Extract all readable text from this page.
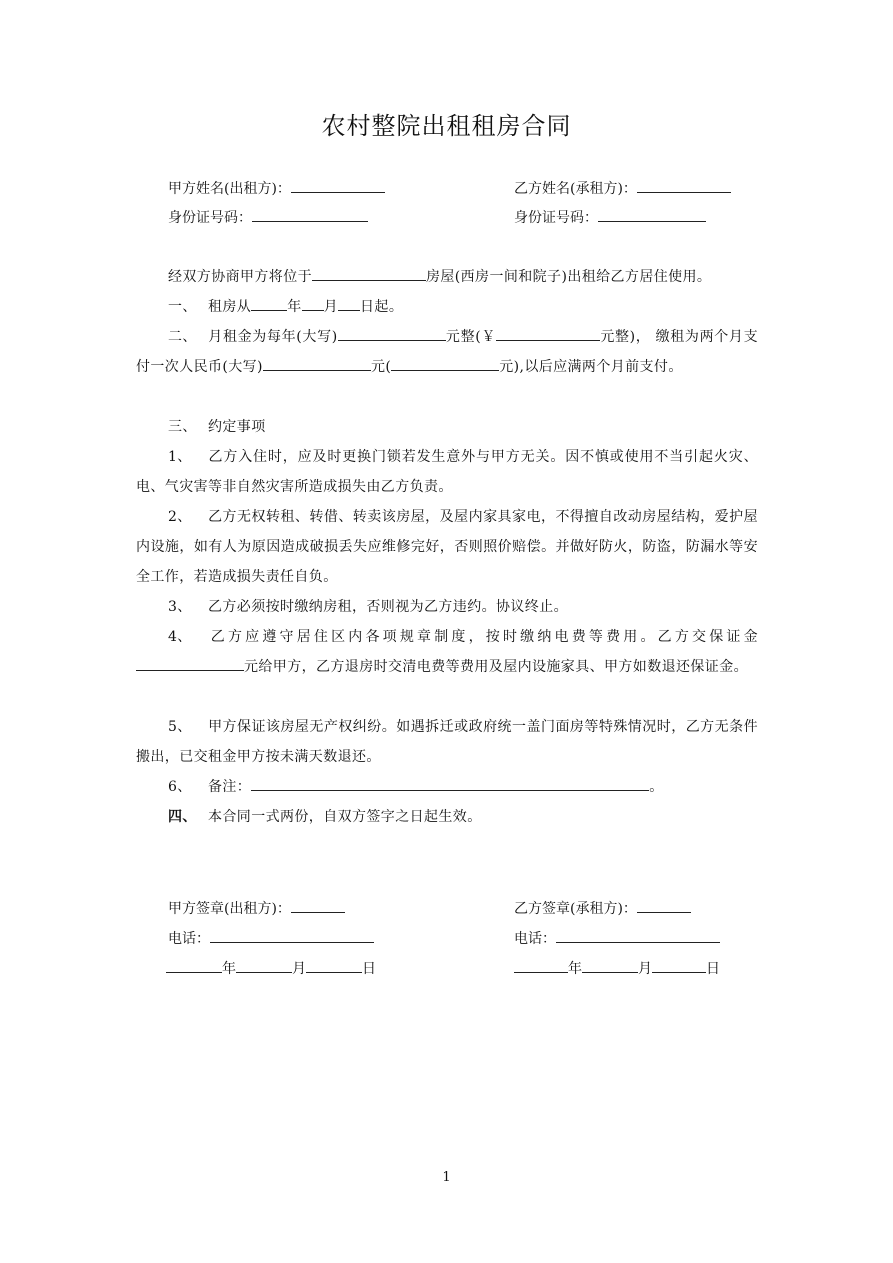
农村整院出租租房合同
甲方姓名(出租方)：	乙方姓名(承租方)：
身份证号码：	身份证号码：
经双方协商甲方将位于	房屋(西房一间和院子)出租给乙方居住使用。
一、 租房从	年 月 日起。
二、 月租金为每年(大写)	元整(￥	元整)， 缴租为两个月支付一次人民币(大写)	元(	元),以后应满两个月前支付。
三、 约定事项
1、 乙方入住时，应及时更换门锁若发生意外与甲方无关。因不慎或使用不当引起火灾、电、气灾害等非自然灾害所造成损失由乙方负责。
2、 乙方无权转租、转借、转卖该房屋，及屋内家具家电，不得擅自改动房屋结构，爱护屋内设施，如有人为原因造成破损丢失应维修完好，否则照价赔偿。并做好防火，防盗，防漏水等安全工作，若造成损失责任自负。
3、 乙方必须按时缴纳房租，否则视为乙方违约。协议终止。
4、 乙方应遵守居住区内各项规章制度，按时缴纳电费等费用。乙方交保证金元给甲方，乙方退房时交清电费等费用及屋内设施家具、甲方如数退还保证金。
5、 甲方保证该房屋无产权纠纷。如遇拆迁或政府统一盖门面房等特殊情况时，乙方无条件搬出，已交租金甲方按未满天数退还。
6、 备注：	。
四、 本合同一式两份，自双方签字之日起生效。
甲方签章(出租方)：	乙方签章(承租方)：
电话：	电话：
年	月	日	年	月	日
1
